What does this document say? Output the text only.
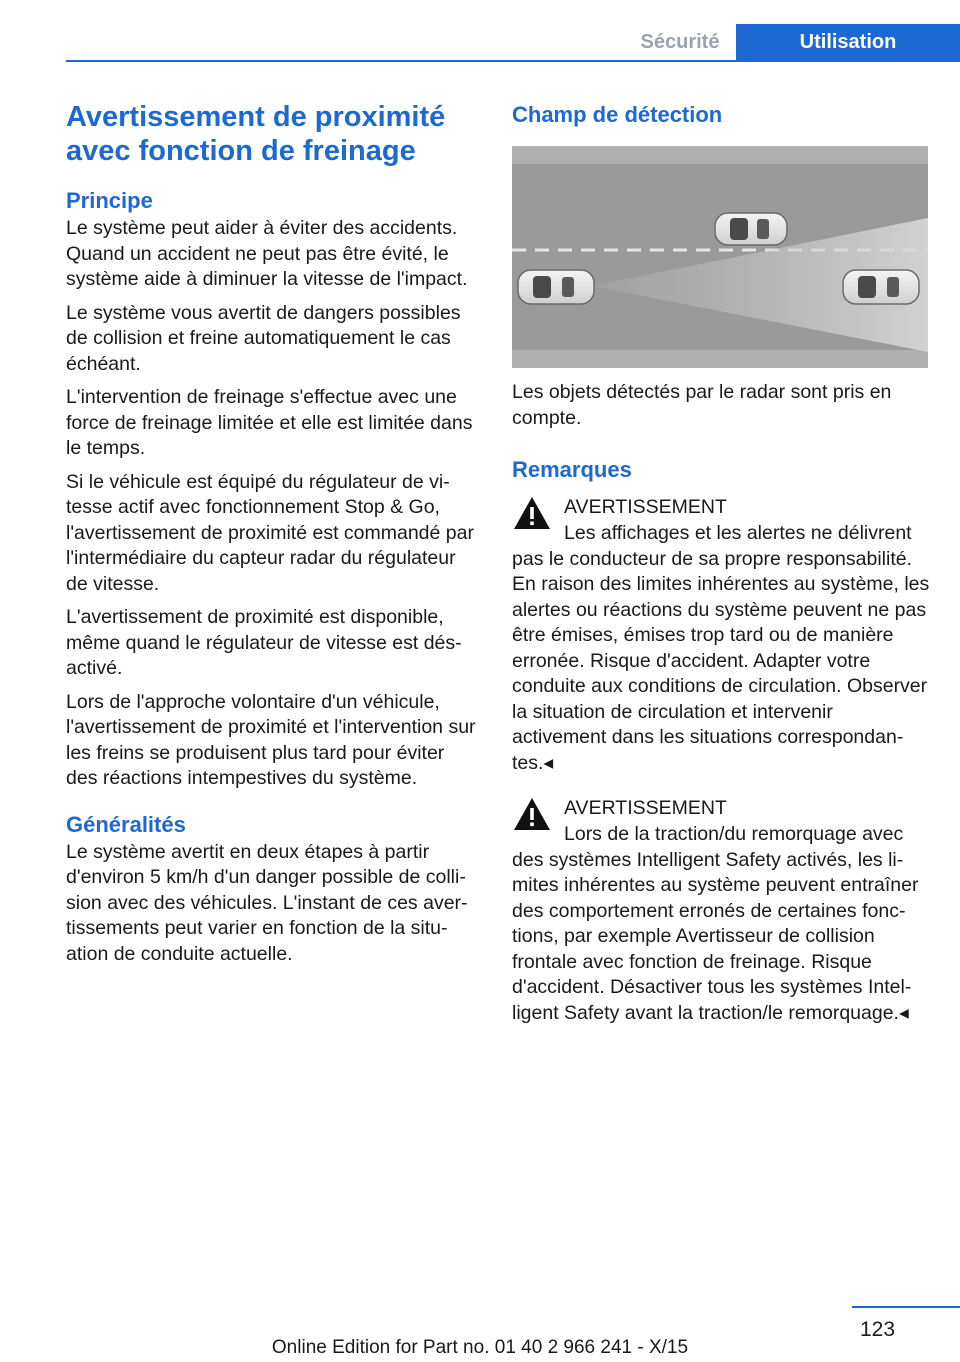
Sécurité	Utilisation
Avertissement de proximité
avec fonction de freinage
Principe

Le système peut aider à éviter des accidents. Quand un accident ne peut pas être évité, le système aide à diminuer la vitesse de l'impact.

Le système vous avertit de dangers possibles de collision et freine automatiquement le cas échéant.

L'intervention de freinage s'effectue avec une force de freinage limitée et elle est limitée dans le temps.

Si le véhicule est équipé du régulateur de vitesse actif avec fonctionnement Stop & Go, l'avertissement de proximité est commandé par l'intermédiaire du capteur radar du régulateur de vitesse.

L'avertissement de proximité est disponible, même quand le régulateur de vitesse est désactivé.

Lors de l'approche volontaire d'un véhicule, l'avertissement de proximité et l'intervention sur les freins se produisent plus tard pour éviter des réactions intempestives du système.

Généralités

Le système avertit en deux étapes à partir d'environ 5 km/h d'un danger possible de collision avec des véhicules. L'instant de ces avertissements peut varier en fonction de la situation de conduite actuelle.

Champ de détection

Les objets détectés par le radar sont pris en compte.

Remarques
AVERTISSEMENT

Les affichages et les alertes ne délivrent

pas le conducteur de sa propre responsabilité. En raison des limites inhérentes au système, les alertes ou réactions du système peuvent ne pas être émises, émises trop tard ou de manière erronée. Risque d'accident. Adapter votre conduite aux conditions de circulation. Observer la situation de circulation et intervenir activement dans les situations correspondantes.◂

AVERTISSEMENT

Lors de la traction/du remorquage avec

des systèmes Intelligent Safety activés, les limites inhérentes au système peuvent entraîner des comportement erronés de certaines fonctions, par exemple Avertisseur de collision frontale avec fonction de freinage. Risque d'accident. Désactiver tous les systèmes Intelligent Safety avant la traction/le remorquage.◂

123
Online Edition for Part no. 01 40 2 966 241 - X/15
